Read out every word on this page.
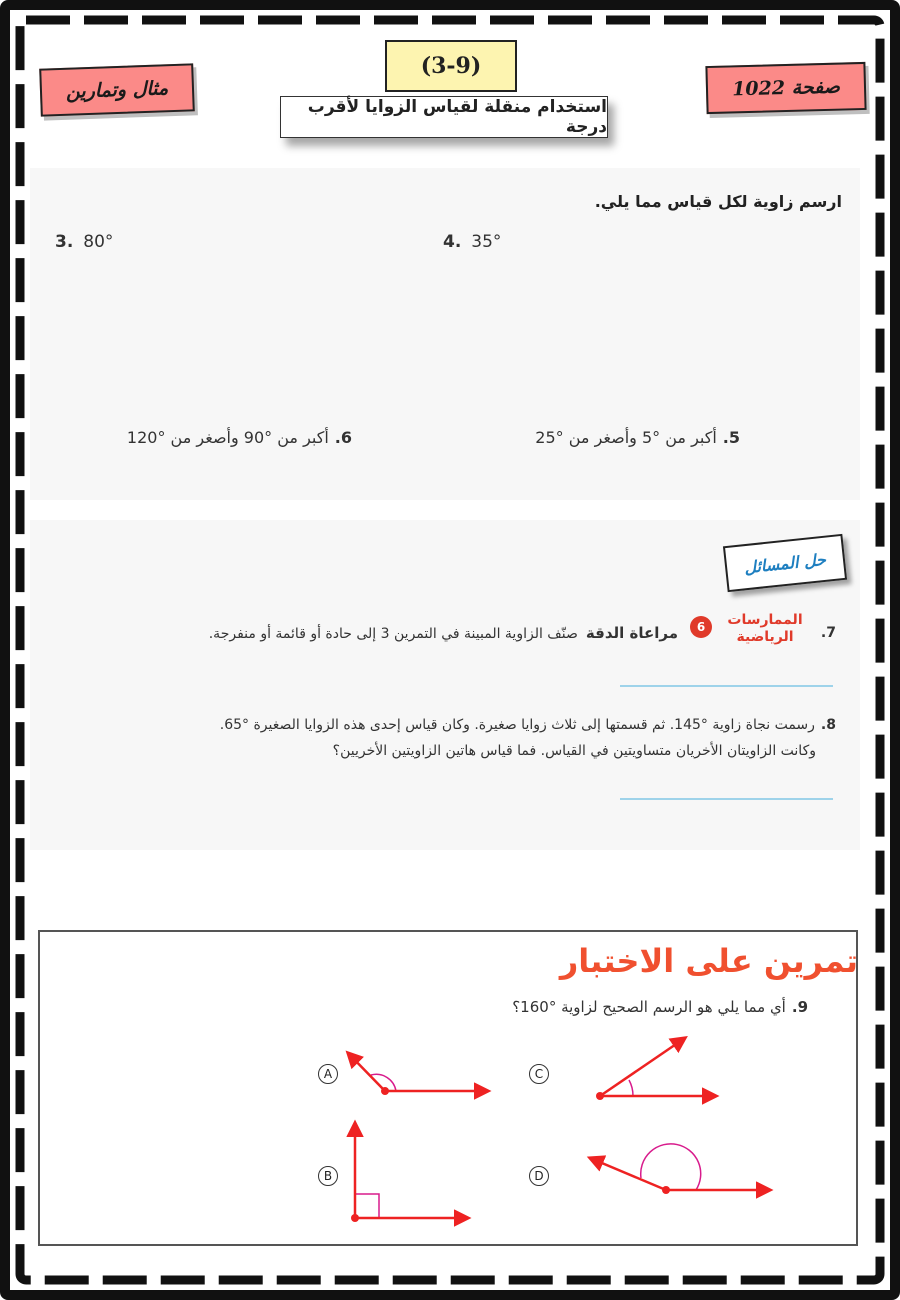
مثال وتمارين	صفحة 1022
(3-9)
استخدام منقلة لقياس الزوايا لأقرب درجة
ارسم زاوية لكل قياس مما يلي.
3. 80°	4. 35°
5.أكبر من °5 وأصغر من °25
6.أكبر من °90 وأصغر من °120
حل المسائل
7.
الممارسات
الرياضية
6
مراعاة الدقةصنّف الزاوية المبينة في التمرين 3 إلى حادة أو قائمة أو منفرجة.
8.رسمت نجاة زاوية °145. ثم قسمتها إلى ثلاث زوايا صغيرة. وكان قياس إحدى هذه الزوايا الصغيرة °65.
وكانت الزاويتان الأخريان متساويتين في القياس. فما قياس هاتين الزاويتين الأخريين؟
تمرين على الاختبار
9.أي مما يلي هو الرسم الصحيح لزاوية °160؟
A
B
C
D
